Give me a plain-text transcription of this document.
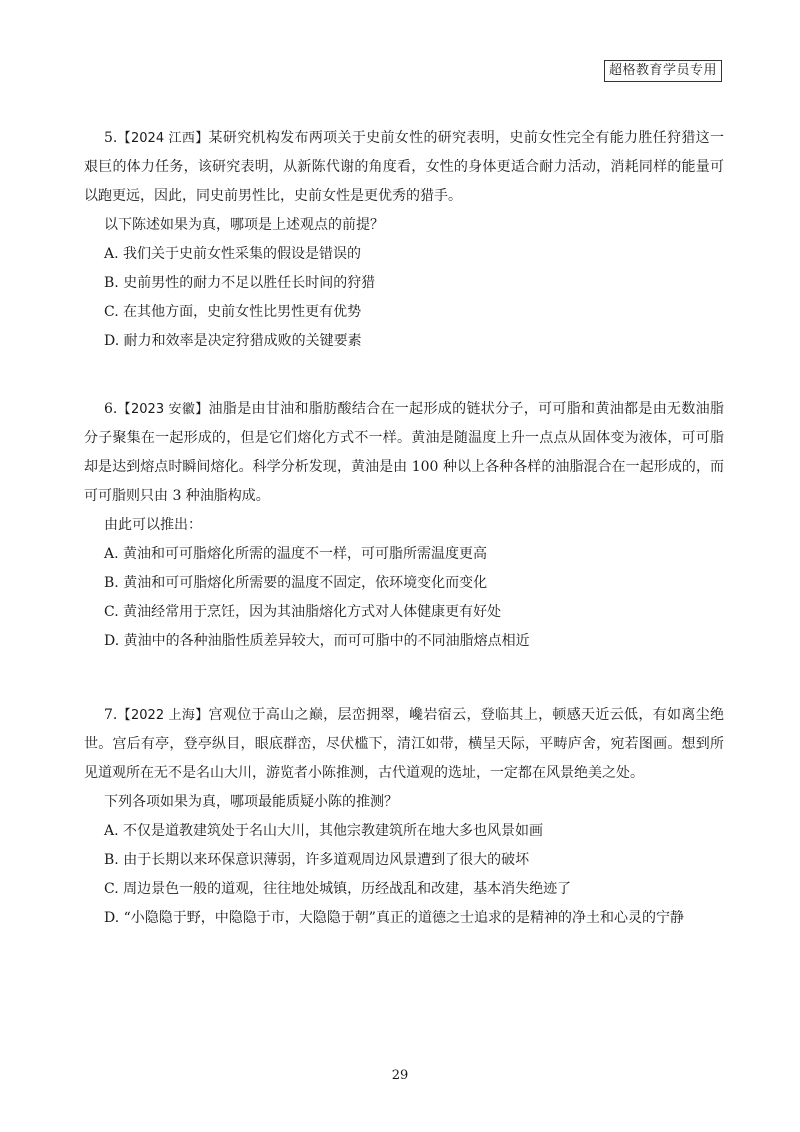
超格教育学员专用

5.【2024 江西】某研究机构发布两项关于史前女性的研究表明，史前女性完全有能力胜任狩猎这一艰巨的体力任务，该研究表明，从新陈代谢的角度看，女性的身体更适合耐力活动，消耗同样的能量可以跑更远，因此，同史前男性比，史前女性是更优秀的猎手。

以下陈述如果为真，哪项是上述观点的前提？

A. 我们关于史前女性采集的假设是错误的

B. 史前男性的耐力不足以胜任长时间的狩猎

C. 在其他方面，史前女性比男性更有优势

D. 耐力和效率是决定狩猎成败的关键要素

6.【2023 安徽】油脂是由甘油和脂肪酸结合在一起形成的链状分子，可可脂和黄油都是由无数油脂分子聚集在一起形成的，但是它们熔化方式不一样。黄油是随温度上升一点点从固体变为液体，可可脂却是达到熔点时瞬间熔化。科学分析发现，黄油是由 100 种以上各种各样的油脂混合在一起形成的，而可可脂则只由 3 种油脂构成。

由此可以推出：

A. 黄油和可可脂熔化所需的温度不一样，可可脂所需温度更高

B. 黄油和可可脂熔化所需要的温度不固定，依环境变化而变化

C. 黄油经常用于烹饪，因为其油脂熔化方式对人体健康更有好处

D. 黄油中的各种油脂性质差异较大，而可可脂中的不同油脂熔点相近

7.【2022 上海】宫观位于高山之巅，层峦拥翠，巉岩宿云，登临其上，顿感天近云低，有如离尘绝世。宫后有亭，登亭纵目，眼底群峦，尽伏槛下，清江如带，横呈天际，平畴庐舍，宛若图画。想到所见道观所在无不是名山大川，游览者小陈推测，古代道观的选址，一定都在风景绝美之处。

下列各项如果为真，哪项最能质疑小陈的推测？

A. 不仅是道教建筑处于名山大川，其他宗教建筑所在地大多也风景如画

B. 由于长期以来环保意识薄弱，许多道观周边风景遭到了很大的破坏

C. 周边景色一般的道观，往往地处城镇，历经战乱和改建，基本消失绝迹了

D. “小隐隐于野，中隐隐于市，大隐隐于朝”真正的道德之士追求的是精神的净土和心灵的宁静

29
